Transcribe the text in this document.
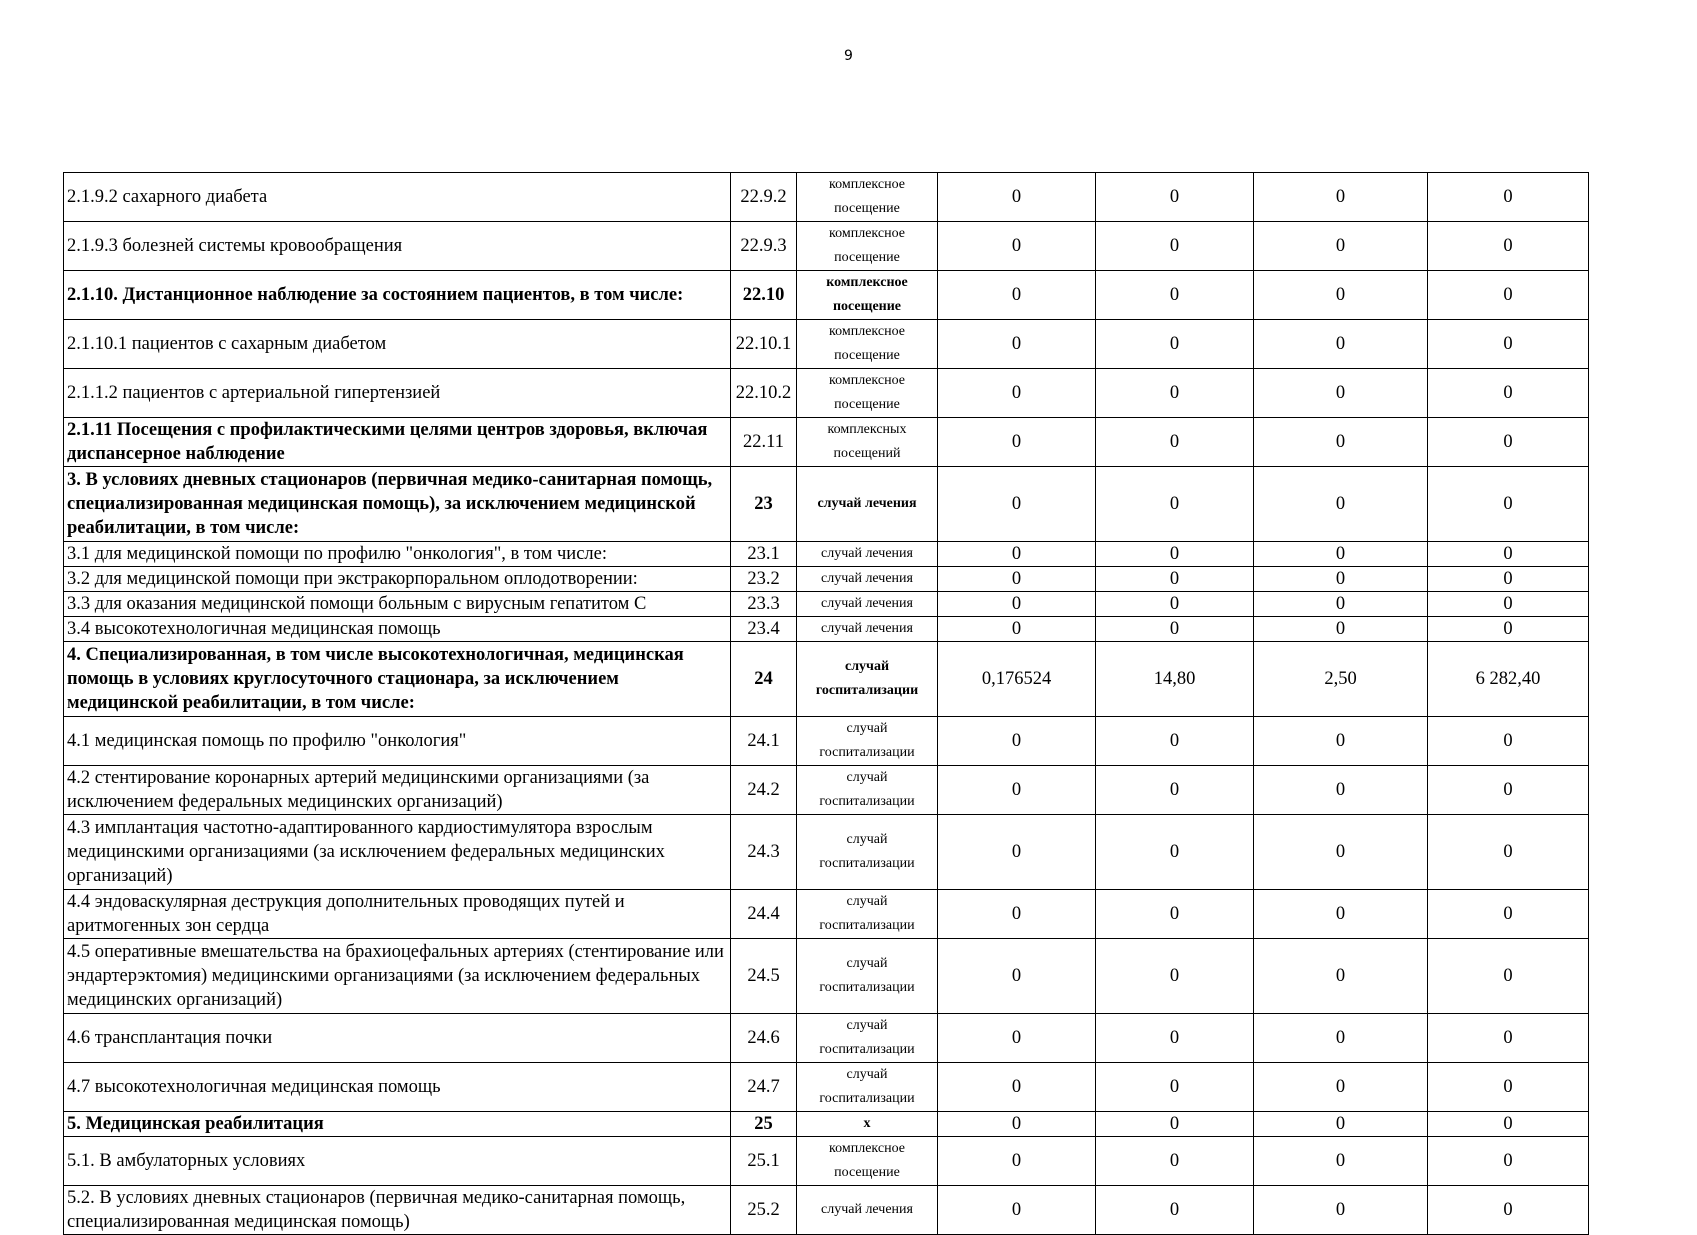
9
2.1.9.2 сахарного диабета	22.9.2	комплексное посещение	0	0	0	0
2.1.9.3 болезней системы кровообращения	22.9.3	комплексное посещение	0	0	0	0
2.1.10. Дистанционное наблюдение за состоянием пациентов, в том числе:	22.10	комплексное посещение	0	0	0	0
2.1.10.1 пациентов с сахарным диабетом	22.10.1	комплексное посещение	0	0	0	0
2.1.1.2 пациентов с артериальной гипертензией	22.10.2	комплексное посещение	0	0	0	0
2.1.11 Посещения с профилактическими целями центров здоровья, включая диспансерное наблюдение	22.11	комплексных посещений	0	0	0	0
3. В условиях дневных стационаров (первичная медико-санитарная помощь, специализированная медицинская помощь), за исключением медицинской реабилитации, в том числе:	23	случай лечения	0	0	0	0
3.1 для медицинской помощи по профилю "онкология", в том числе:	23.1	случай лечения	0	0	0	0
3.2 для медицинской помощи при экстракорпоральном оплодотворении:	23.2	случай лечения	0	0	0	0
3.3 для оказания медицинской помощи больным с вирусным гепатитом С	23.3	случай лечения	0	0	0	0
3.4 высокотехнологичная медицинская помощь	23.4	случай лечения	0	0	0	0
4. Специализированная, в том числе высокотехнологичная, медицинская помощь в условиях круглосуточного стационара, за исключением медицинской реабилитации, в том числе:	24	случай госпитализации	0,176524	14,80	2,50	6 282,40
4.1 медицинская помощь по профилю "онкология"	24.1	случай госпитализации	0	0	0	0
4.2 стентирование коронарных артерий медицинскими организациями (за исключением федеральных медицинских организаций)	24.2	случай госпитализации	0	0	0	0
4.3 имплантация частотно-адаптированного кардиостимулятора взрослым медицинскими организациями (за исключением федеральных медицинских организаций)	24.3	случай госпитализации	0	0	0	0
4.4 эндоваскулярная деструкция дополнительных проводящих путей и аритмогенных зон сердца	24.4	случай госпитализации	0	0	0	0
4.5 оперативные вмешательства на брахиоцефальных артериях (стентирование или эндартерэктомия) медицинскими организациями (за исключением федеральных медицинских организаций)	24.5	случай госпитализации	0	0	0	0
4.6 трансплантация почки	24.6	случай госпитализации	0	0	0	0
4.7 высокотехнологичная медицинская помощь	24.7	случай госпитализации	0	0	0	0
5. Медицинская реабилитация	25	х	0	0	0	0
5.1. В амбулаторных условиях	25.1	комплексное посещение	0	0	0	0
5.2. В условиях дневных стационаров (первичная медико-санитарная помощь, специализированная медицинская помощь)	25.2	случай лечения	0	0	0	0
